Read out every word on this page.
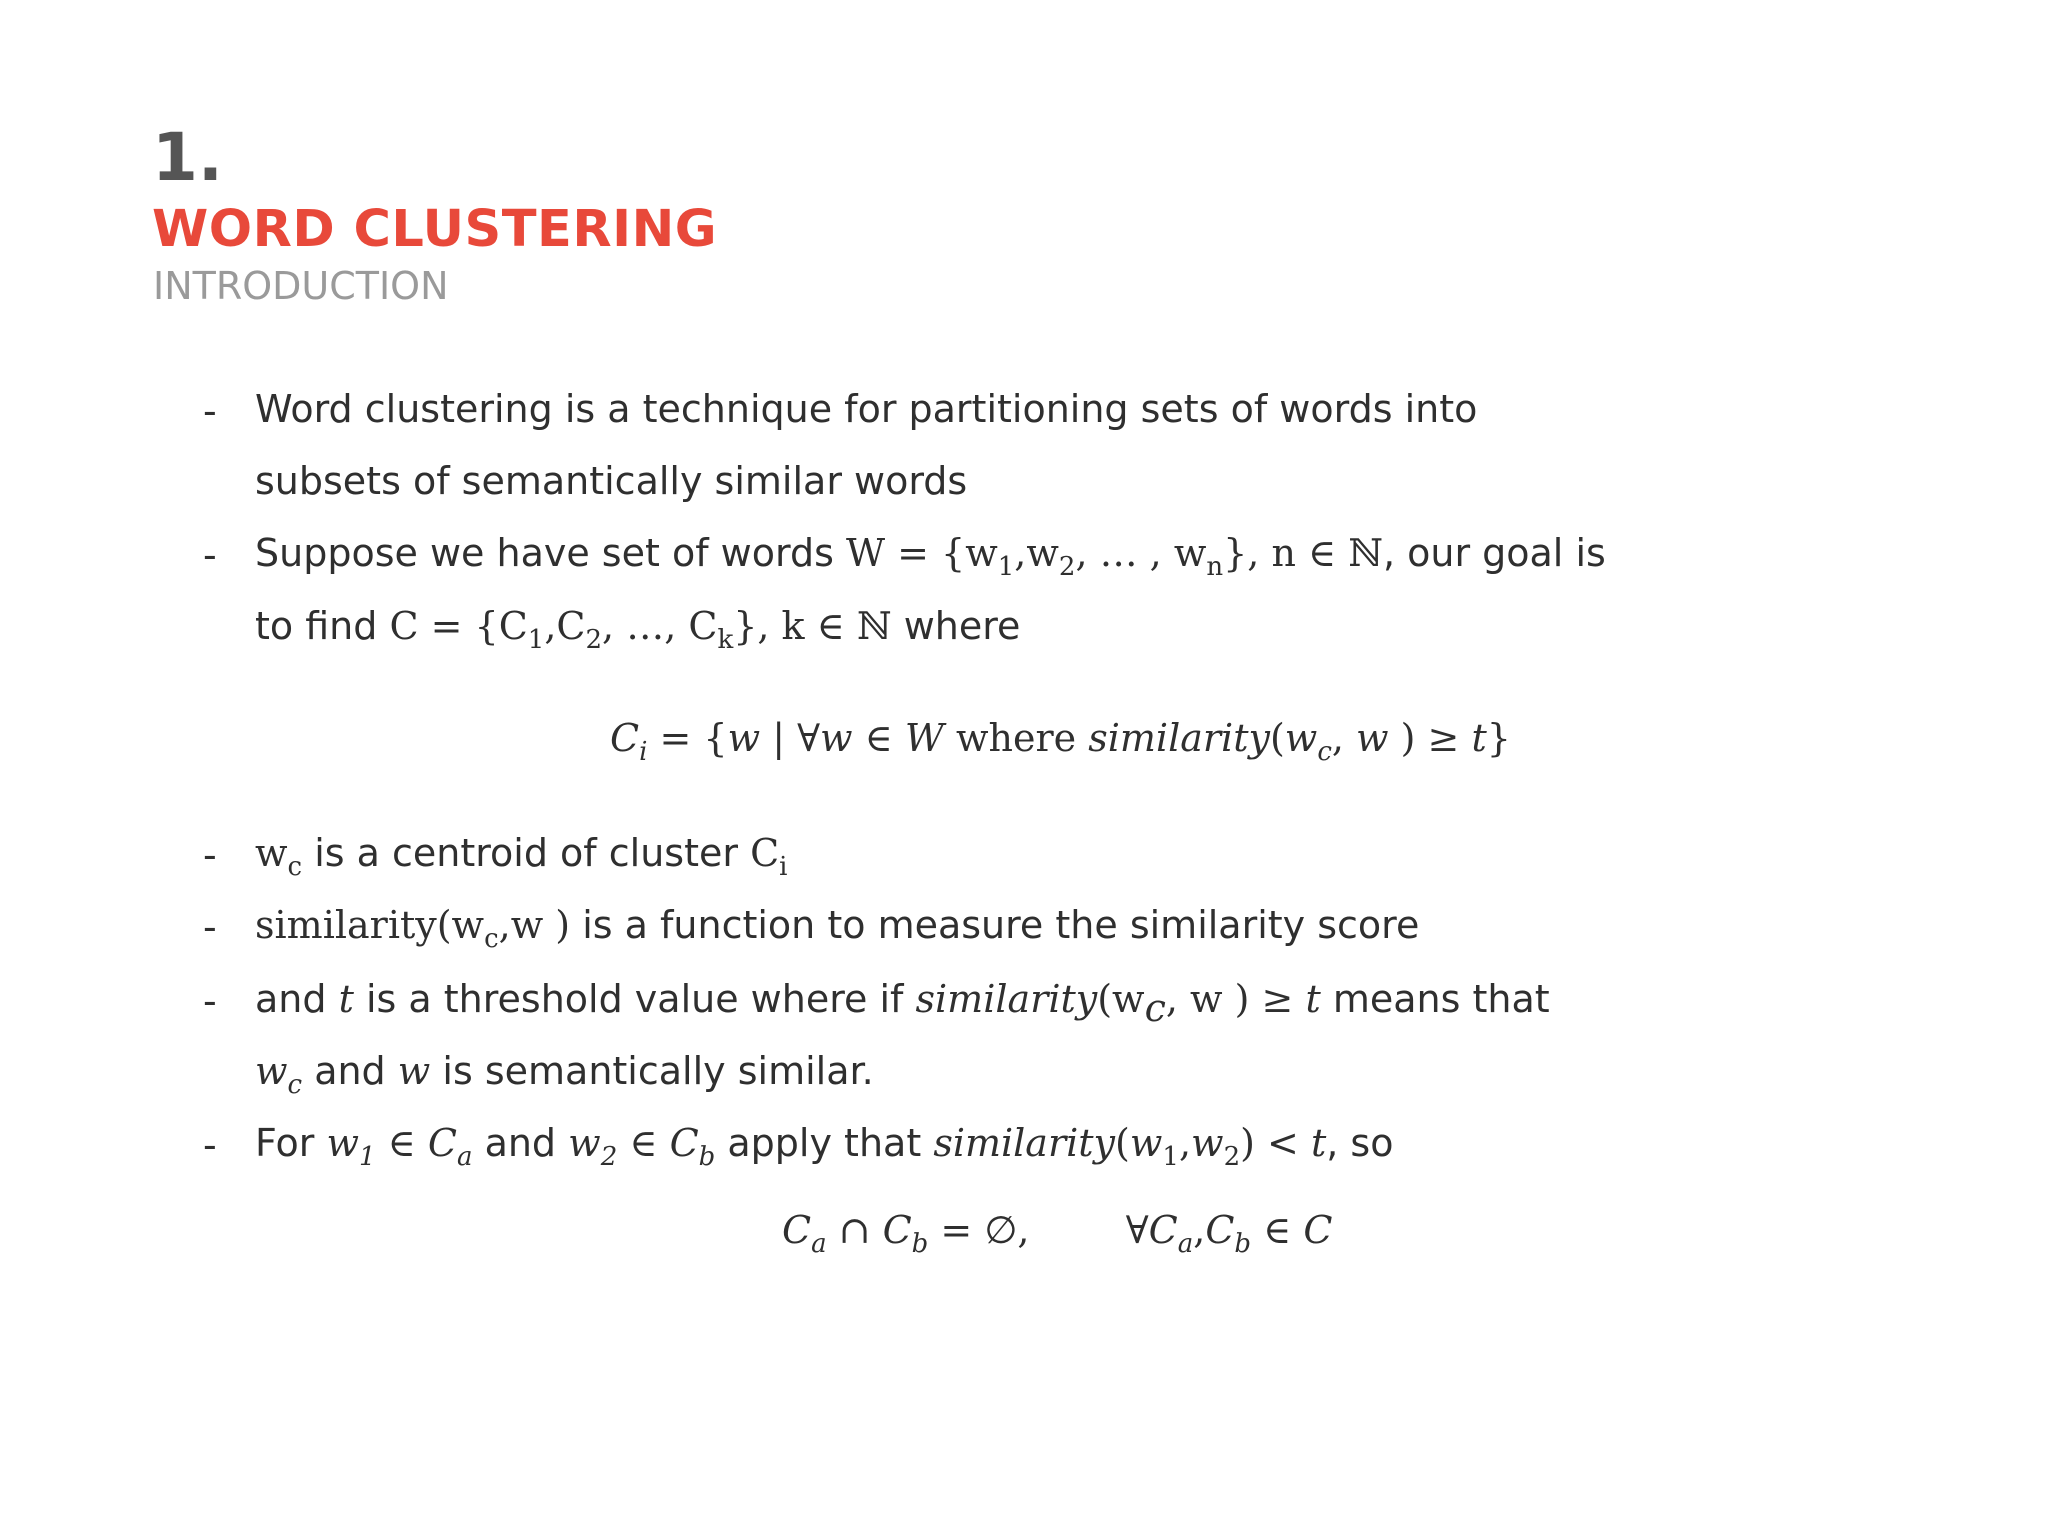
1.
WORD CLUSTERING
INTRODUCTION
- Word clustering is a technique for partitioning sets of words into
subsets of semantically similar words
- Suppose we have set of words $W = \{w_1,w_2$, … , $w_n$}, n ∈ ℕ, our goal is
to find $C = \{C_1,C_2$, …, $C_k$}, k ∈ ℕ where
$C_i = \{w$ | ∀w ∈ W where $similarity(w_c$, w ) ≥ t}
- $w_c$ is a centroid of cluster $C_i$
- $similarity(w_c,w$ ) is a function to measure the similarity score
- and t is a threshold value where if $similarity(w_c$, w ) ≥ t means that
$w_c$ and w is semantically similar.
- For $w_1$ ∈ $C_a$ and $w_2$ ∈ $C_b$ apply that $similarity(w_1,w_2) < t$, so
$C_a$ ∩ $C_b$ = ∅,	$\forall C_a,C_b$ ∈ C
